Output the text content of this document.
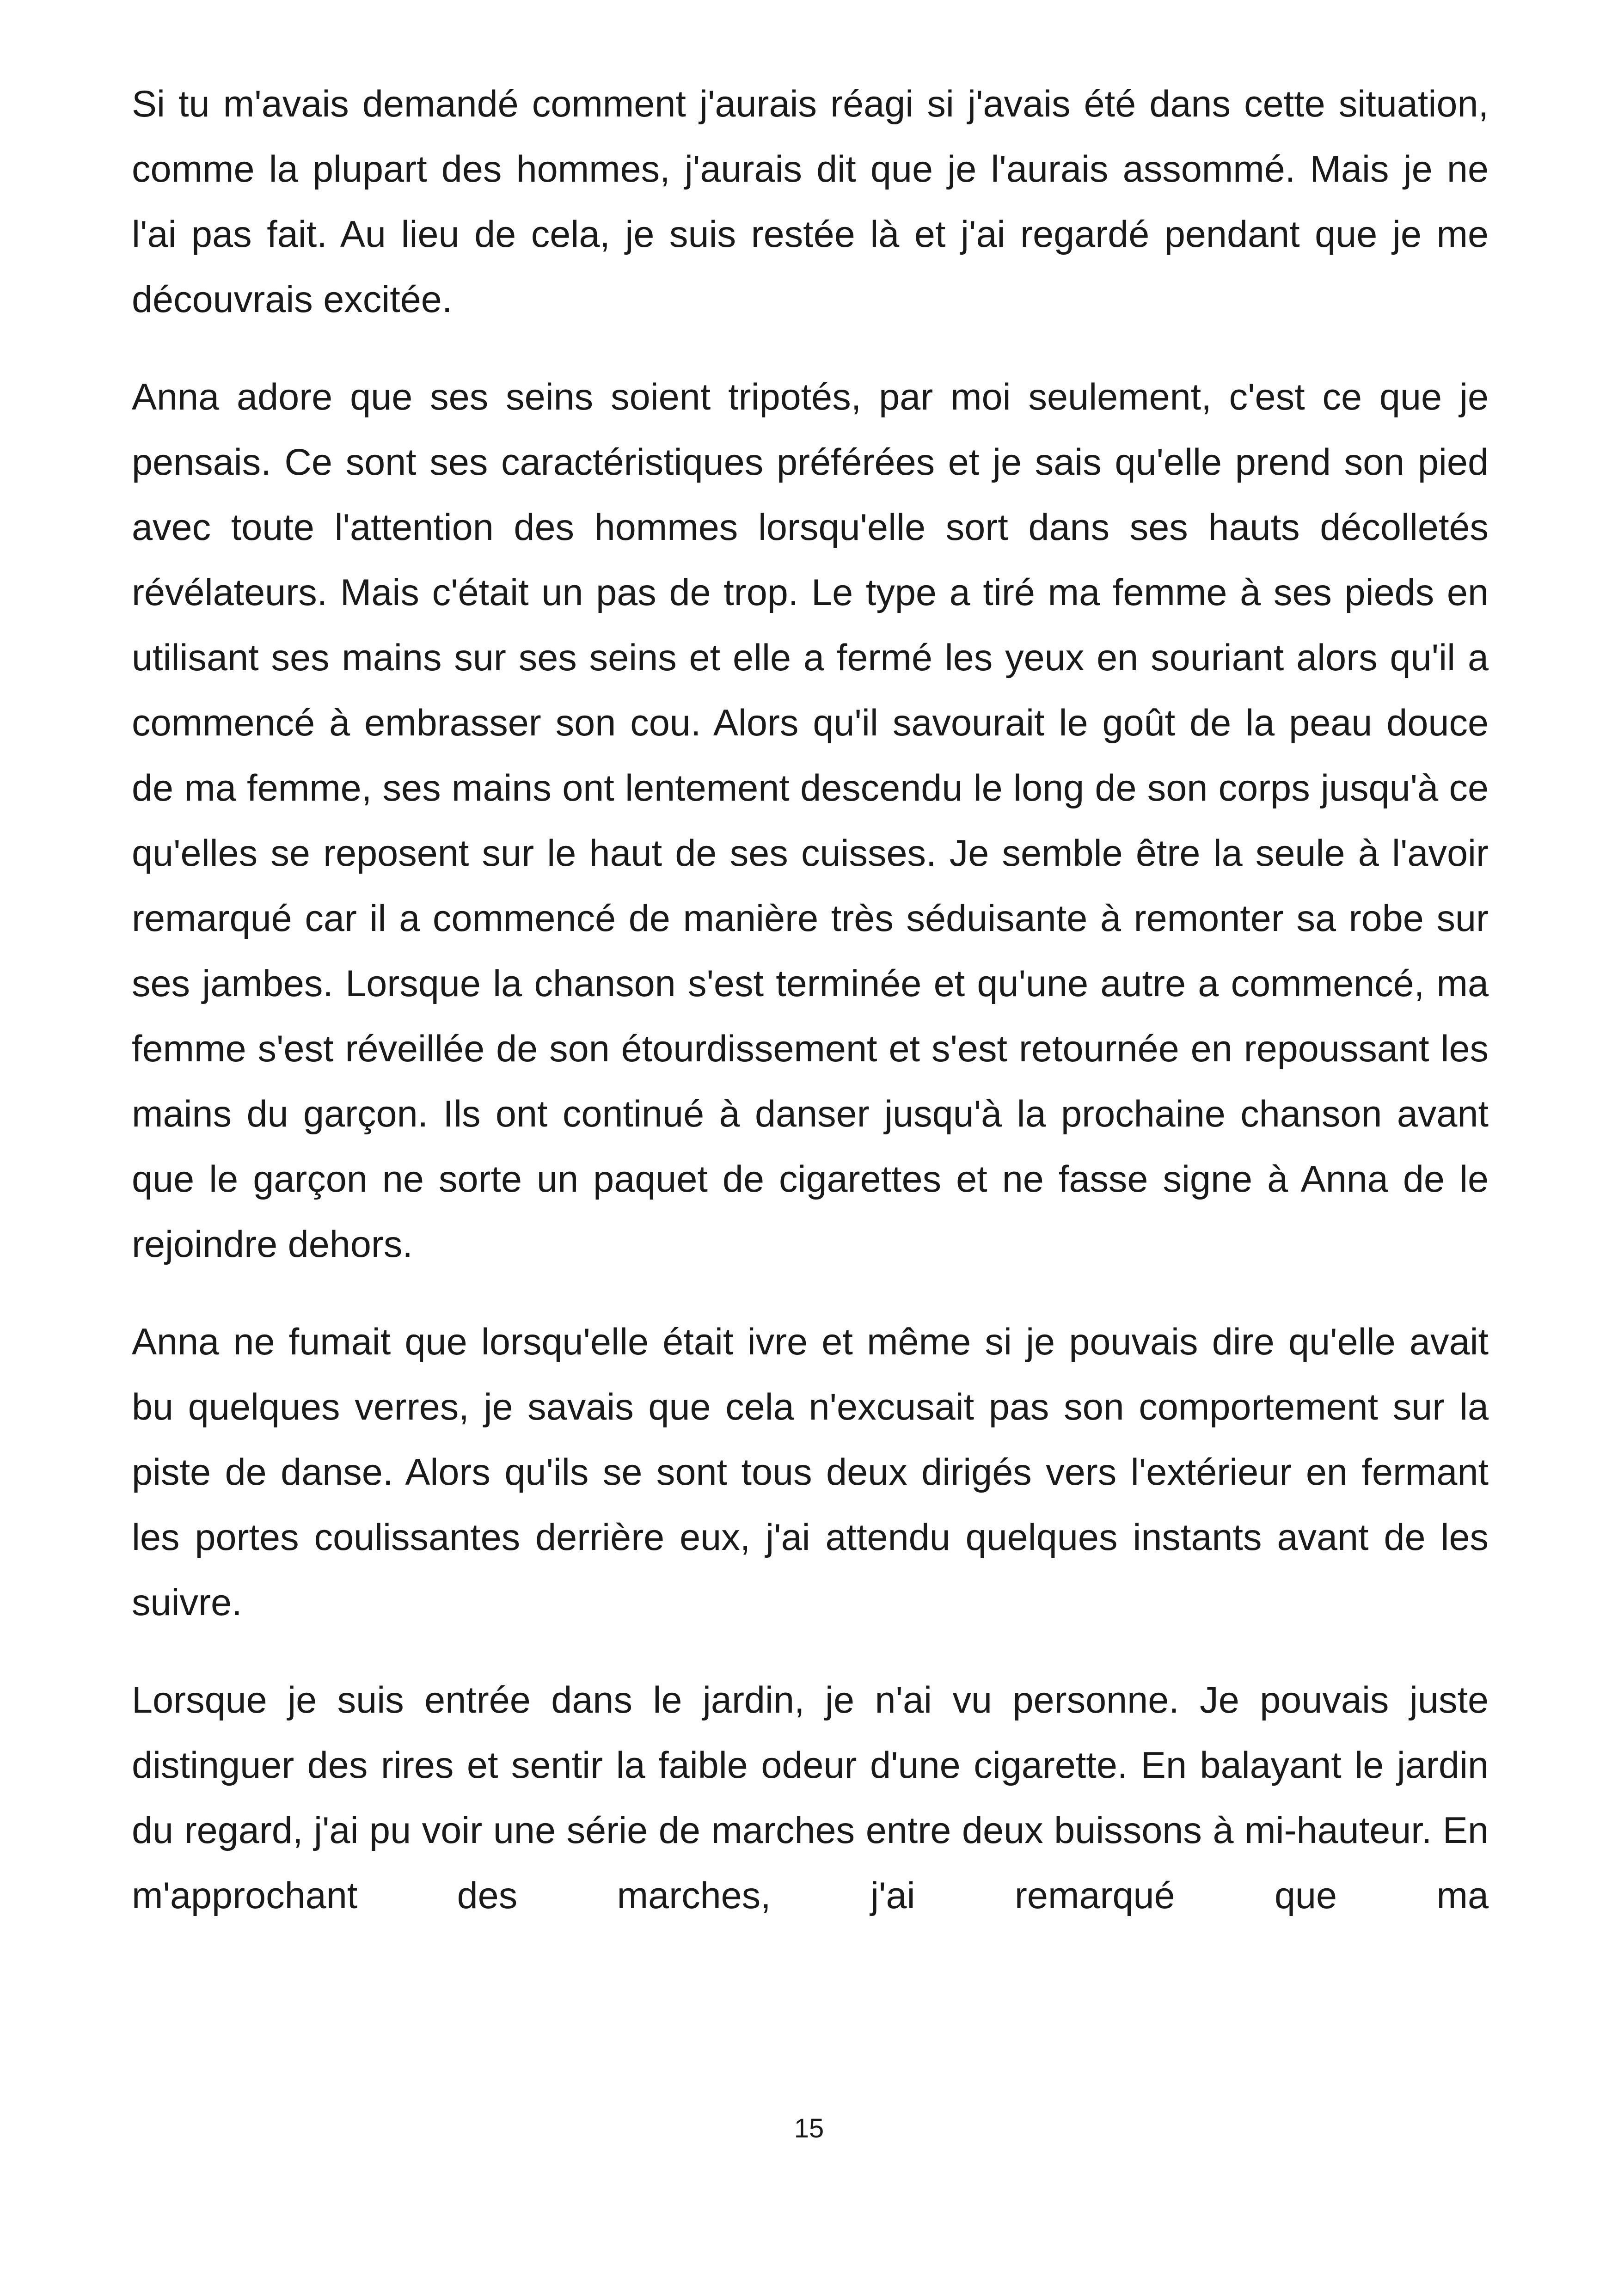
Si tu m'avais demandé comment j'aurais réagi si j'avais été dans cette situation, comme la plupart des hommes, j'aurais dit que je l'aurais assommé. Mais je ne l'ai pas fait. Au lieu de cela, je suis restée là et j'ai regardé pendant que je me découvrais excitée.

Anna adore que ses seins soient tripotés, par moi seulement, c'est ce que je pensais. Ce sont ses caractéristiques préférées et je sais qu'elle prend son pied avec toute l'attention des hommes lorsqu'elle sort dans ses hauts décolletés révélateurs. Mais c'était un pas de trop. Le type a tiré ma femme à ses pieds en utilisant ses mains sur ses seins et elle a fermé les yeux en souriant alors qu'il a commencé à embrasser son cou. Alors qu'il savourait le goût de la peau douce de ma femme, ses mains ont lentement descendu le long de son corps jusqu'à ce qu'elles se reposent sur le haut de ses cuisses. Je semble être la seule à l'avoir remarqué car il a commencé de manière très séduisante à remonter sa robe sur ses jambes. Lorsque la chanson s'est terminée et qu'une autre a commencé, ma femme s'est réveillée de son étourdissement et s'est retournée en repoussant les mains du garçon. Ils ont continué à danser jusqu'à la prochaine chanson avant que le garçon ne sorte un paquet de cigarettes et ne fasse signe à Anna de le rejoindre dehors.

Anna ne fumait que lorsqu'elle était ivre et même si je pouvais dire qu'elle avait bu quelques verres, je savais que cela n'excusait pas son comportement sur la piste de danse. Alors qu'ils se sont tous deux dirigés vers l'extérieur en fermant les portes coulissantes derrière eux, j'ai attendu quelques instants avant de les suivre.

Lorsque je suis entrée dans le jardin, je n'ai vu personne. Je pouvais juste distinguer des rires et sentir la faible odeur d'une cigarette. En balayant le jardin du regard, j'ai pu voir une série de marches entre deux buissons à mi-hauteur. En m'approchant des marches, j'ai remarqué que ma

15
